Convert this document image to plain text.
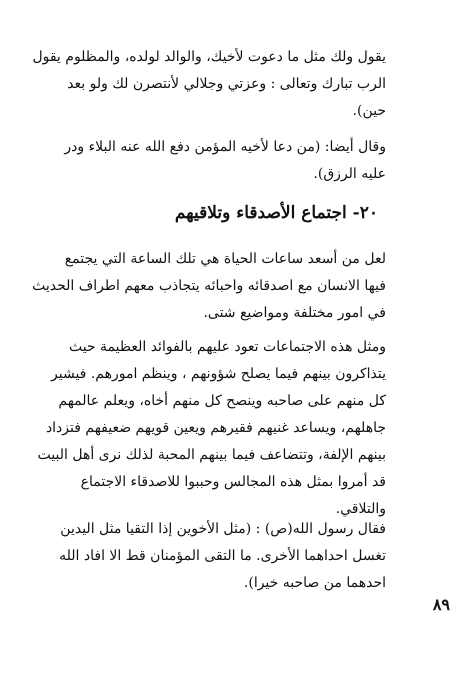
يقول ولك مثل ما دعوت لأخيك، والوالد لولده، والمظلوم يقول
الرب تبارك وتعالى : وعزتي وجلالي لأنتصرن لك ولو بعد
حين).

وقال أيضا: (من دعا لأخيه المؤمن دفع الله عنه البلاء ودر
عليه الرزق).

٢٠- اجتماع الأصدقاء وتلاقيهم

لعل من أسعد ساعات الحياة هي تلك الساعة التي يجتمع
فيها الانسان مع اصدقائه واحبائه يتجاذب معهم اطراف الحديث
في امور مختلفة ومواضيع شتى.

ومثل هذه الاجتماعات تعود عليهم بالفوائد العظيمة حيث
يتذاكرون بينهم فيما يصلح شؤونهم ، وينظم امورهم. فيشير
كل منهم على صاحبه وينصح كل منهم أخاه، ويعلم عالمهم
جاهلهم، ويساعد غنيهم فقيرهم ويعين قويهم ضعيفهم فتزداد
بينهم الإلفة، وتتضاعف فيما بينهم المحبة لذلك نرى أهل البيت
قد أمروا بمثل هذه المجالس وحببوا للاصدقاء الاجتماع
والتلاقي.

فقال رسول الله(ص) : (مثل الأخوين إذا التقيا مثل اليدين
تغسل احداهما الأخرى. ما التقى المؤمنان قط الا افاد الله
احدهما من صاحبه خيرا).

٨٩
